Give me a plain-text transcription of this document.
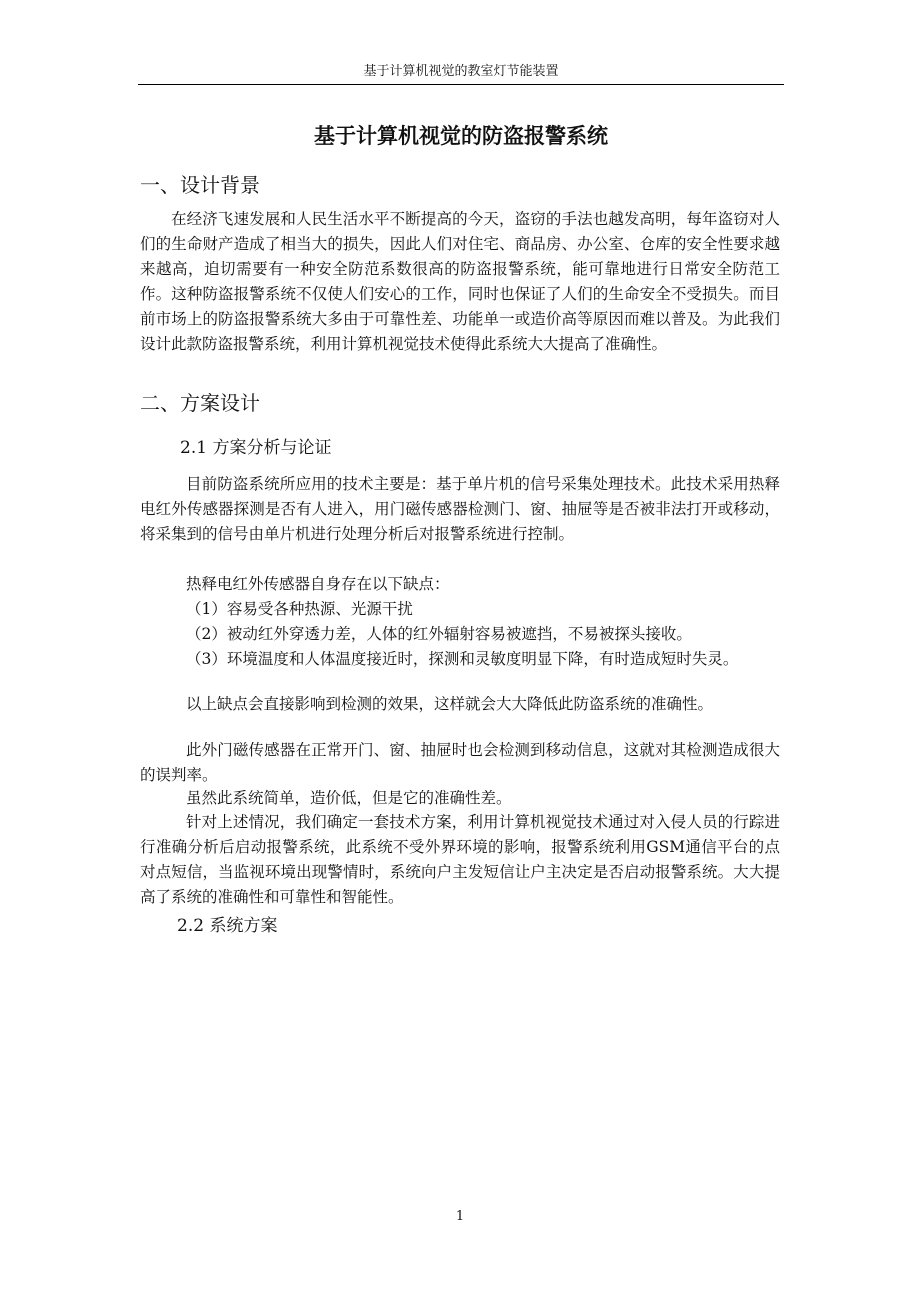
基于计算机视觉的教室灯节能装置
基于计算机视觉的防盗报警系统
一、设计背景
在经济飞速发展和人民生活水平不断提高的今天，盗窃的手法也越发高明，每年盗窃对人们的生命财产造成了相当大的损失，因此人们对住宅、商品房、办公室、仓库的安全性要求越来越高，迫切需要有一种安全防范系数很高的防盗报警系统，能可靠地进行日常安全防范工作。这种防盗报警系统不仅使人们安心的工作，同时也保证了人们的生命安全不受损失。而目前市场上的防盗报警系统大多由于可靠性差、功能单一或造价高等原因而难以普及。为此我们设计此款防盗报警系统，利用计算机视觉技术使得此系统大大提高了准确性。
二、方案设计
2.1 方案分析与论证
目前防盗系统所应用的技术主要是：基于单片机的信号采集处理技术。此技术采用热释电红外传感器探测是否有人进入，用门磁传感器检测门、窗、抽屉等是否被非法打开或移动，将采集到的信号由单片机进行处理分析后对报警系统进行控制。
热释电红外传感器自身存在以下缺点：
（1）容易受各种热源、光源干扰
（2）被动红外穿透力差，人体的红外辐射容易被遮挡，不易被探头接收。
（3）环境温度和人体温度接近时，探测和灵敏度明显下降，有时造成短时失灵。
以上缺点会直接影响到检测的效果，这样就会大大降低此防盗系统的准确性。
此外门磁传感器在正常开门、窗、抽屉时也会检测到移动信息，这就对其检测造成很大的误判率。
虽然此系统简单，造价低，但是它的准确性差。
针对上述情况，我们确定一套技术方案，利用计算机视觉技术通过对入侵人员的行踪进行准确分析后启动报警系统，此系统不受外界环境的影响，报警系统利用GSM通信平台的点对点短信，当监视环境出现警情时，系统向户主发短信让户主决定是否启动报警系统。大大提高了系统的准确性和可靠性和智能性。
2.2 系统方案
1
